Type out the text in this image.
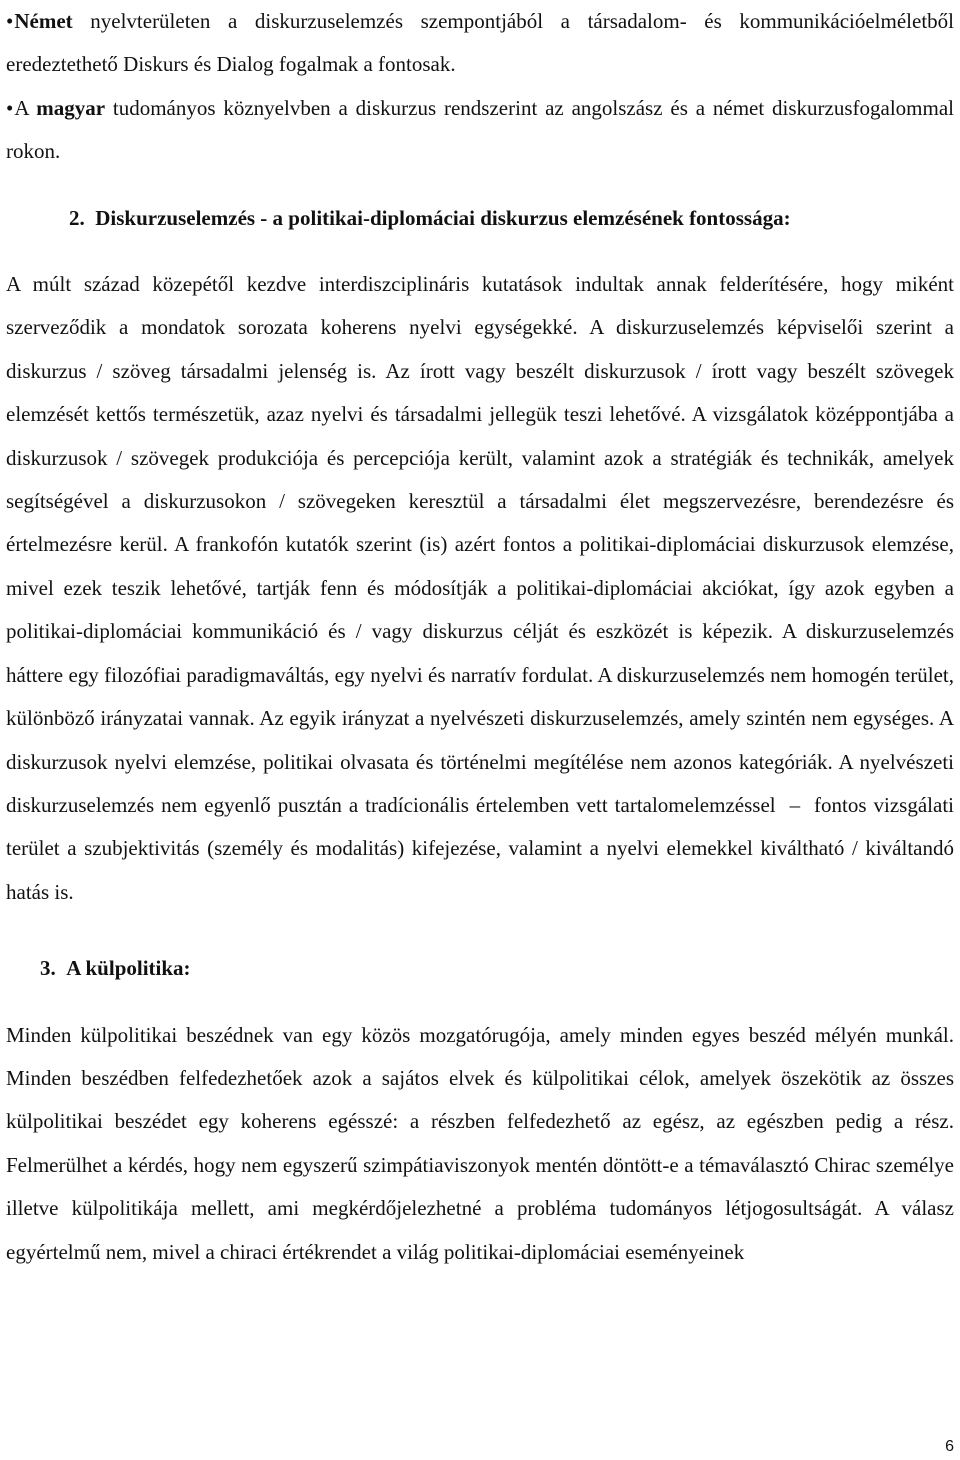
•Német nyelvterületen a diskurzuselemzés szempontjából a társadalom- és kommunikációelméletből eredeztethető Diskurs és Dialog fogalmak a fontosak.

•A magyar tudományos köznyelvben a diskurzus rendszerint az angolszász és a német diskurzusfogalommal rokon.

2.  Diskurzuselemzés - a politikai-diplomáciai diskurzus elemzésének fontossága:

A múlt század közepétől kezdve interdiszciplináris kutatások indultak annak felderítésére, hogy miként szerveződik a mondatok sorozata koherens nyelvi egységekké. A diskurzuselemzés képviselői szerint a diskurzus / szöveg társadalmi jelenség is. Az írott vagy beszélt diskurzusok / írott vagy beszélt szövegek elemzését kettős természetük, azaz nyelvi és társadalmi jellegük teszi lehetővé. A vizsgálatok középpontjába a diskurzusok / szövegek produkciója és percepciója került, valamint azok a stratégiák és technikák, amelyek segítségével a diskurzusokon / szövegeken keresztül a társadalmi élet megszervezésre, berendezésre és értelmezésre kerül. A frankofón kutatók szerint (is) azért fontos a politikai-diplomáciai diskurzusok elemzése, mivel ezek teszik lehetővé, tartják fenn és módosítják a politikai-diplomáciai akciókat, így azok egyben a politikai-diplomáciai kommunikáció és / vagy diskurzus célját és eszközét is képezik. A diskurzuselemzés háttere egy filozófiai paradigmaváltás, egy nyelvi és narratív fordulat. A diskurzuselemzés nem homogén terület, különböző irányzatai vannak. Az egyik irányzat a nyelvészeti diskurzuselemzés, amely szintén nem egységes. A diskurzusok nyelvi elemzése, politikai olvasata és történelmi megítélése nem azonos kategóriák. A nyelvészeti diskurzuselemzés nem egyenlő pusztán a tradícionális értelemben vett tartalomelemzéssel  –  fontos vizsgálati terület a szubjektivitás (személy és modalitás) kifejezése, valamint a nyelvi elemekkel kiváltható / kiváltandó hatás is.

3.  A külpolitika:

Minden külpolitikai beszédnek van egy közös mozgatórugója, amely minden egyes beszéd mélyén munkál. Minden beszédben felfedezhetőek azok a sajátos elvek és külpolitikai célok, amelyek öszekötik az összes külpolitikai beszédet egy koherens egésszé: a részben felfedezhető az egész, az egészben pedig a rész. Felmerülhet a kérdés, hogy nem egyszerű szimpátiaviszonyok mentén döntött-e a témaválasztó Chirac személye illetve külpolitikája mellett, ami megkérdőjelezhetné a probléma tudományos létjogosultságát. A válasz egyértelmű nem, mivel a chiraci értékrendet a világ politikai-diplomáciai eseményeinek

6
